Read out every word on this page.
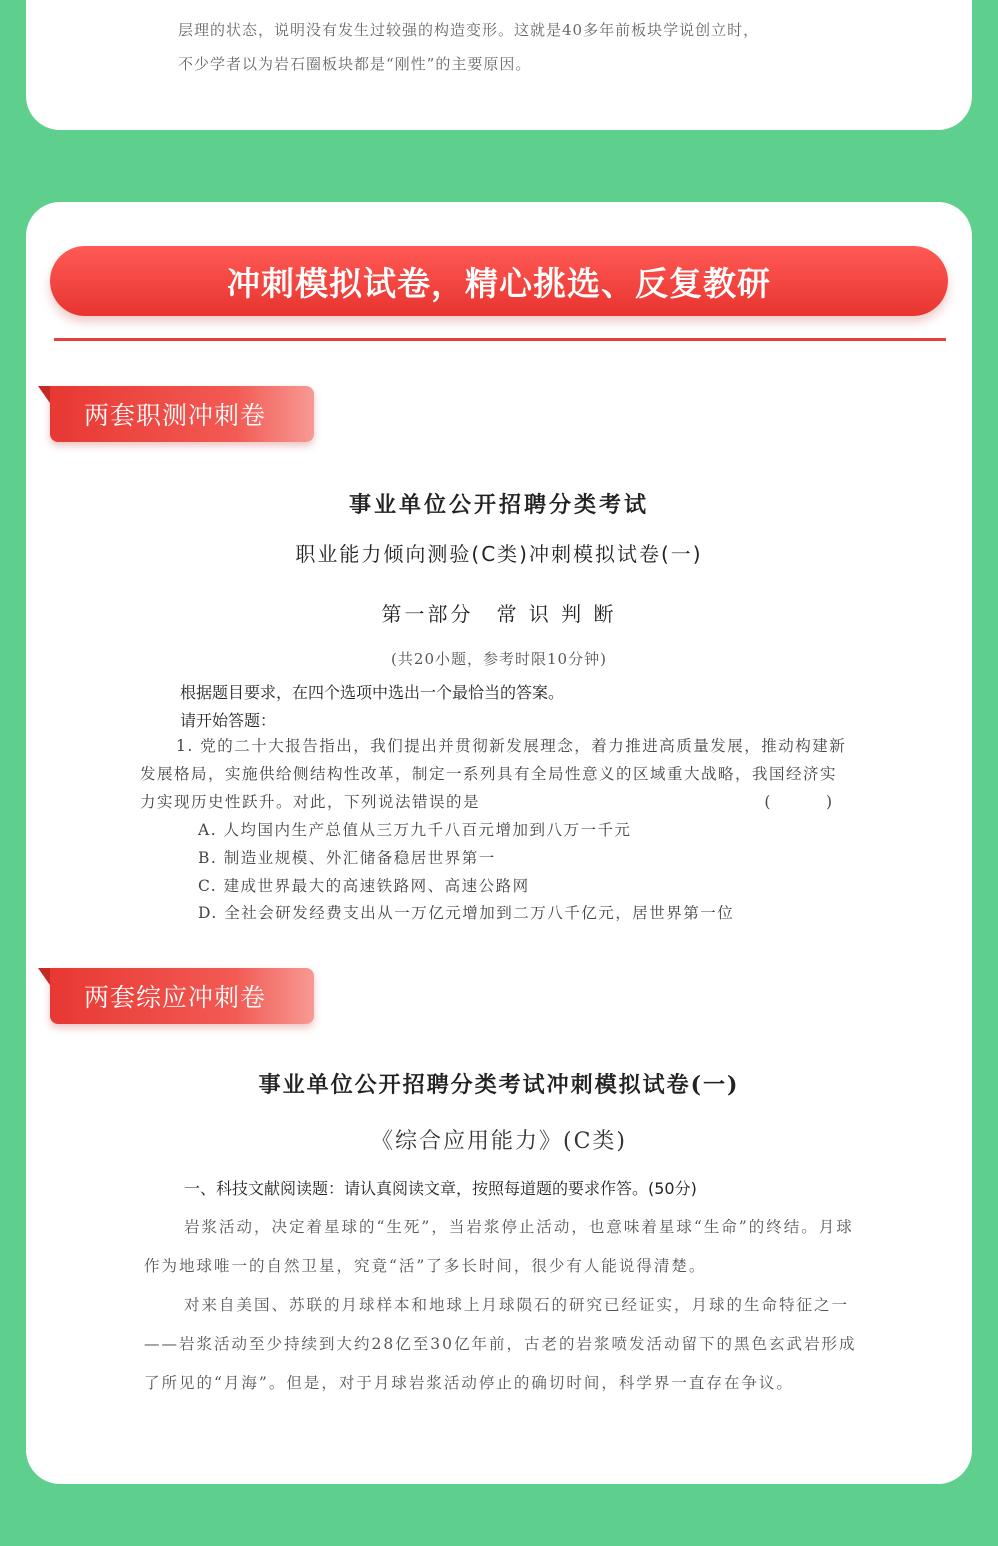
层理的状态，说明没有发生过较强的构造变形。这就是40多年前板块学说创立时，
不少学者以为岩石圈板块都是“刚性”的主要原因。
冲刺模拟试卷，精心挑选、反复教研
两套职测冲刺卷
事业单位公开招聘分类考试
职业能力倾向测验(C类)冲刺模拟试卷(一)
第一部分　常 识 判 断
(共20小题，参考时限10分钟)
根据题目要求，在四个选项中选出一个最恰当的答案。
请开始答题：
1. 党的二十大报告指出，我们提出并贯彻新发展理念，着力推进高质量发展，推动构建新发展格局，实施供给侧结构性改革，制定一系列具有全局性意义的区域重大战略，我国经济实力实现历史性跃升。对此，下列说法错误的是	(　)
A. 人均国内生产总值从三万九千八百元增加到八万一千元
B. 制造业规模、外汇储备稳居世界第一
C. 建成世界最大的高速铁路网、高速公路网
D. 全社会研发经费支出从一万亿元增加到二万八千亿元，居世界第一位
两套综应冲刺卷
事业单位公开招聘分类考试冲刺模拟试卷(一)
《综合应用能力》(C类)
一、科技文献阅读题：请认真阅读文章，按照每道题的要求作答。(50分)
岩浆活动，决定着星球的“生死”，当岩浆停止活动，也意味着星球“生命”的终结。月球作为地球唯一的自然卫星，究竟“活”了多长时间，很少有人能说得清楚。
对来自美国、苏联的月球样本和地球上月球陨石的研究已经证实，月球的生命特征之一——岩浆活动至少持续到大约28亿至30亿年前，古老的岩浆喷发活动留下的黑色玄武岩形成了所见的“月海”。但是，对于月球岩浆活动停止的确切时间，科学界一直存在争议。
